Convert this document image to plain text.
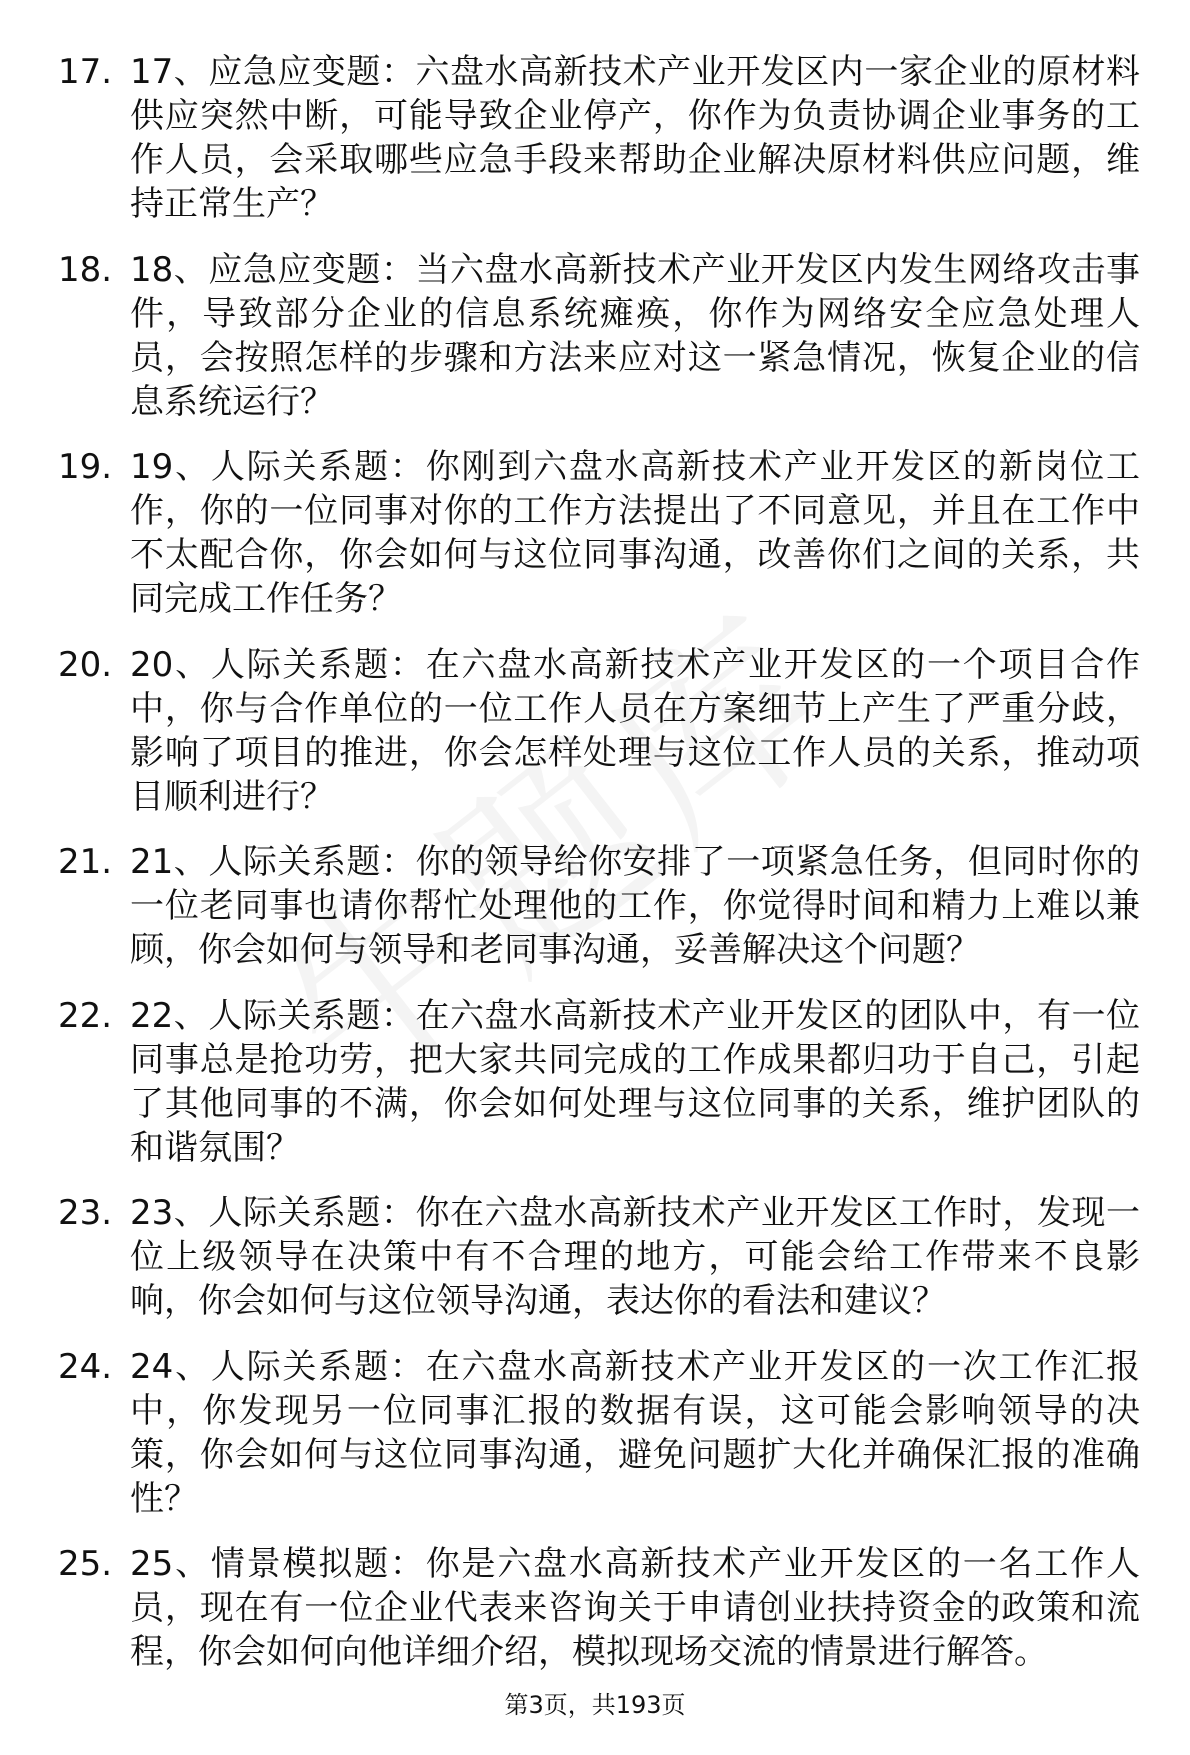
17. 17、应急应变题：六盘水高新技术产业开发区内一家企业的原材料供应突然中断，可能导致企业停产，你作为负责协调企业事务的工作人员，会采取哪些应急手段来帮助企业解决原材料供应问题，维持正常生产？
18. 18、应急应变题：当六盘水高新技术产业开发区内发生网络攻击事件，导致部分企业的信息系统瘫痪，你作为网络安全应急处理人员，会按照怎样的步骤和方法来应对这一紧急情况，恢复企业的信息系统运行？
19. 19、人际关系题：你刚到六盘水高新技术产业开发区的新岗位工作，你的一位同事对你的工作方法提出了不同意见，并且在工作中不太配合你，你会如何与这位同事沟通，改善你们之间的关系，共同完成工作任务？
20. 20、人际关系题：在六盘水高新技术产业开发区的一个项目合作中，你与合作单位的一位工作人员在方案细节上产生了严重分歧，影响了项目的推进，你会怎样处理与这位工作人员的关系，推动项目顺利进行？
21. 21、人际关系题：你的领导给你安排了一项紧急任务，但同时你的一位老同事也请你帮忙处理他的工作，你觉得时间和精力上难以兼顾，你会如何与领导和老同事沟通，妥善解决这个问题？
22. 22、人际关系题：在六盘水高新技术产业开发区的团队中，有一位同事总是抢功劳，把大家共同完成的工作成果都归功于自己，引起了其他同事的不满，你会如何处理与这位同事的关系，维护团队的和谐氛围？
23. 23、人际关系题：你在六盘水高新技术产业开发区工作时，发现一位上级领导在决策中有不合理的地方，可能会给工作带来不良影响，你会如何与这位领导沟通，表达你的看法和建议？
24. 24、人际关系题：在六盘水高新技术产业开发区的一次工作汇报中，你发现另一位同事汇报的数据有误，这可能会影响领导的决策，你会如何与这位同事沟通，避免问题扩大化并确保汇报的准确性？
25. 25、情景模拟题：你是六盘水高新技术产业开发区的一名工作人员，现在有一位企业代表来咨询关于申请创业扶持资金的政策和流程，你会如何向他详细介绍，模拟现场交流的情景进行解答。
第3页，共193页
